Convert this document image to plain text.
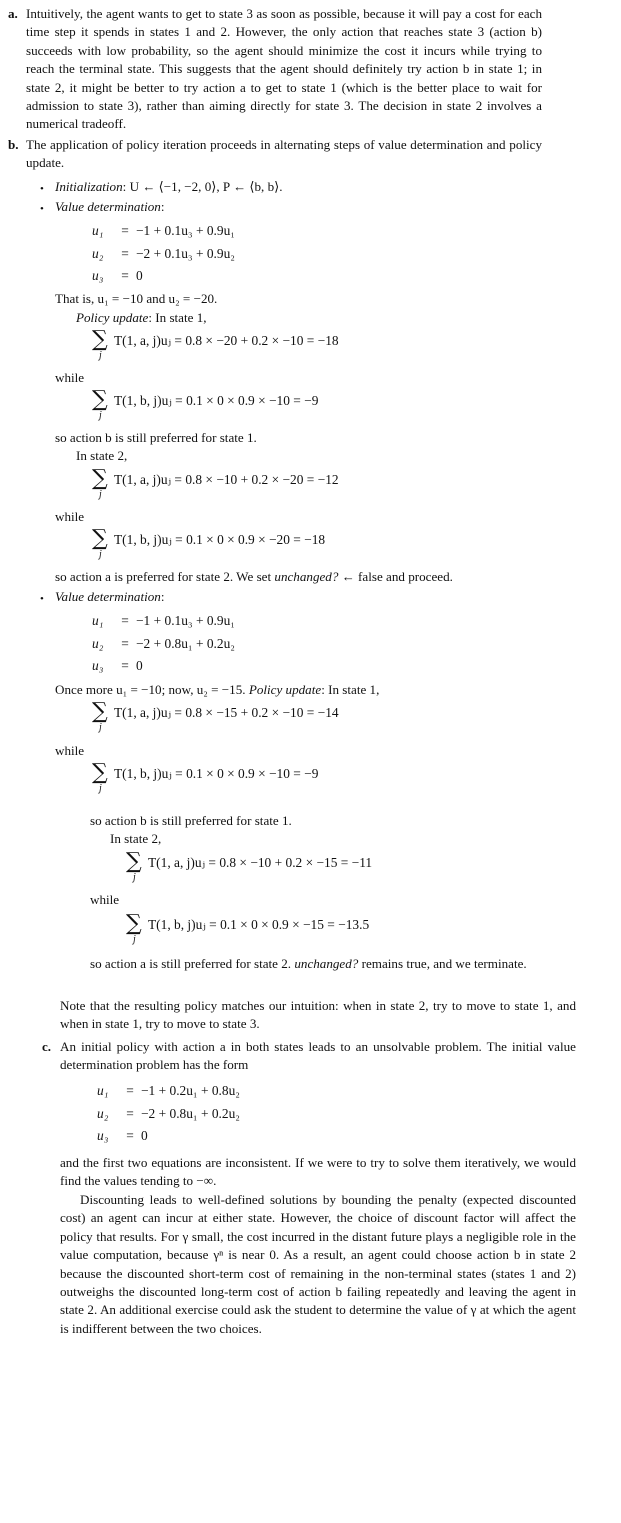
a. Intuitively, the agent wants to get to state 3 as soon as possible, because it will pay a cost for each time step it spends in states 1 and 2. However, the only action that reaches state 3 (action b) succeeds with low probability, so the agent should minimize the cost it incurs while trying to reach the terminal state. This suggests that the agent should definitely try action b in state 1; in state 2, it might be better to try action a to get to state 1 (which is the better place to wait for admission to state 3), rather than aiming directly for state 3. The decision in state 2 involves a numerical tradeoff.
b. The application of policy iteration proceeds in alternating steps of value determination and policy update.
• Initialization: U ← ⟨−1, −2, 0⟩, P ← ⟨b, b⟩.
• Value determination:
u₁ = −1 + 0.1u₃ + 0.9u₁
u₂ = −2 + 0.1u₃ + 0.9u₂
u₃ = 0
That is, u₁ = −10 and u₂ = −20.
Policy update: In state 1,
∑
j
T(1, a, j)uⱼ = 0.8 × −20 + 0.2 × −10 = −18
while
∑
j
T(1, b, j)uⱼ = 0.1 × 0 × 0.9 × −10 = −9
so action b is still preferred for state 1.
In state 2,
∑
j
T(1, a, j)uⱼ = 0.8 × −10 + 0.2 × −20 = −12
while
∑
j
T(1, b, j)uⱼ = 0.1 × 0 × 0.9 × −20 = −18
so action a is preferred for state 2. We set unchanged? ← false and proceed.
• Value determination:
u₁ = −1 + 0.1u₃ + 0.9u₁
u₂ = −2 + 0.8u₁ + 0.2u₂
u₃ = 0
Once more u₁ = −10; now, u₂ = −15. Policy update: In state 1,
∑
j
T(1, a, j)uⱼ = 0.8 × −15 + 0.2 × −10 = −14
while
∑
j
T(1, b, j)uⱼ = 0.1 × 0 × 0.9 × −10 = −9
so action b is still preferred for state 1.
In state 2,
∑
j
T(1, a, j)uⱼ = 0.8 × −10 + 0.2 × −15 = −11
while
∑
j
T(1, b, j)uⱼ = 0.1 × 0 × 0.9 × −15 = −13.5
so action a is still preferred for state 2. unchanged? remains true, and we terminate.
Note that the resulting policy matches our intuition: when in state 2, try to move to state 1, and when in state 1, try to move to state 3.
c. An initial policy with action a in both states leads to an unsolvable problem. The initial value determination problem has the form
u₁ = −1 + 0.2u₁ + 0.8u₂
u₂ = −2 + 0.8u₁ + 0.2u₂
u₃ = 0
and the first two equations are inconsistent. If we were to try to solve them iteratively, we would find the values tending to −∞.
Discounting leads to well-defined solutions by bounding the penalty (expected discounted cost) an agent can incur at either state. However, the choice of discount factor will affect the policy that results. For γ small, the cost incurred in the distant future plays a negligible role in the value computation, because γⁿ is near 0. As a result, an agent could choose action b in state 2 because the discounted short-term cost of remaining in the non-terminal states (states 1 and 2) outweighs the discounted long-term cost of action b failing repeatedly and leaving the agent in state 2. An additional exercise could ask the student to determine the value of γ at which the agent is indifferent between the two choices.
